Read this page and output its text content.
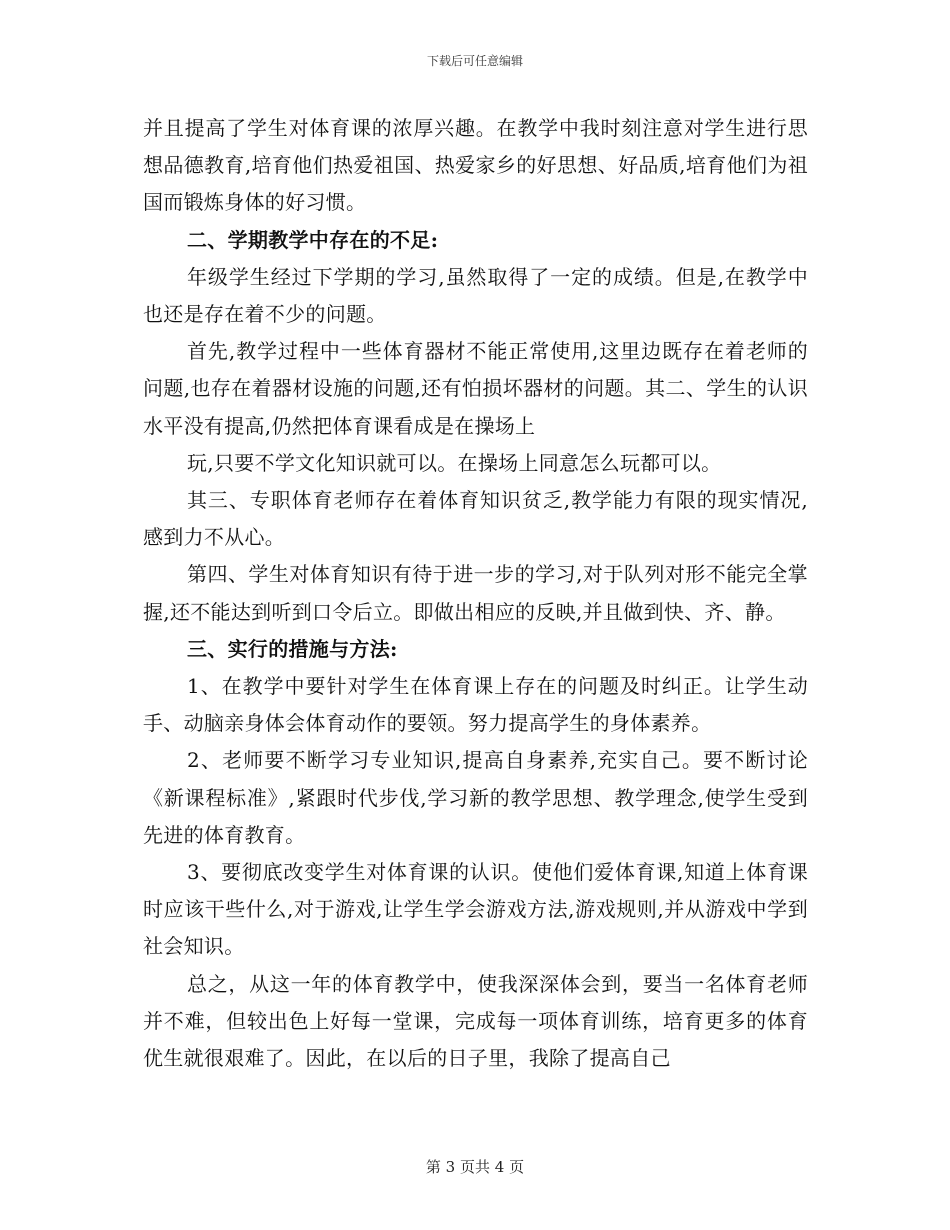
下载后可任意编辑

并且提高了学生对体育课的浓厚兴趣。在教学中我时刻注意对学生进行思想品德教育,培育他们热爱祖国、热爱家乡的好思想、好品质,培育他们为祖国而锻炼身体的好习惯。

二、学期教学中存在的不足:

年级学生经过下学期的学习,虽然取得了一定的成绩。但是,在教学中也还是存在着不少的问题。

首先,教学过程中一些体育器材不能正常使用,这里边既存在着老师的问题,也存在着器材设施的问题,还有怕损坏器材的问题。其二、学生的认识水平没有提高,仍然把体育课看成是在操场上

玩,只要不学文化知识就可以。在操场上同意怎么玩都可以。

其三、专职体育老师存在着体育知识贫乏,教学能力有限的现实情况,感到力不从心。

第四、学生对体育知识有待于进一步的学习,对于队列对形不能完全掌握,还不能达到听到口令后立。即做出相应的反映,并且做到快、齐、静。

三、实行的措施与方法:

1、在教学中要针对学生在体育课上存在的问题及时纠正。让学生动手、动脑亲身体会体育动作的要领。努力提高学生的身体素养。

2、老师要不断学习专业知识,提高自身素养,充实自己。要不断讨论《新课程标准》,紧跟时代步伐,学习新的教学思想、教学理念,使学生受到先进的体育教育。

3、要彻底改变学生对体育课的认识。使他们爱体育课,知道上体育课时应该干些什么,对于游戏,让学生学会游戏方法,游戏规则,并从游戏中学到社会知识。

总之，从这一年的体育教学中，使我深深体会到，要当一名体育老师并不难，但较出色上好每一堂课，完成每一项体育训练，培育更多的体育优生就很艰难了。因此，在以后的日子里，我除了提高自己

第 3 页共 4 页
